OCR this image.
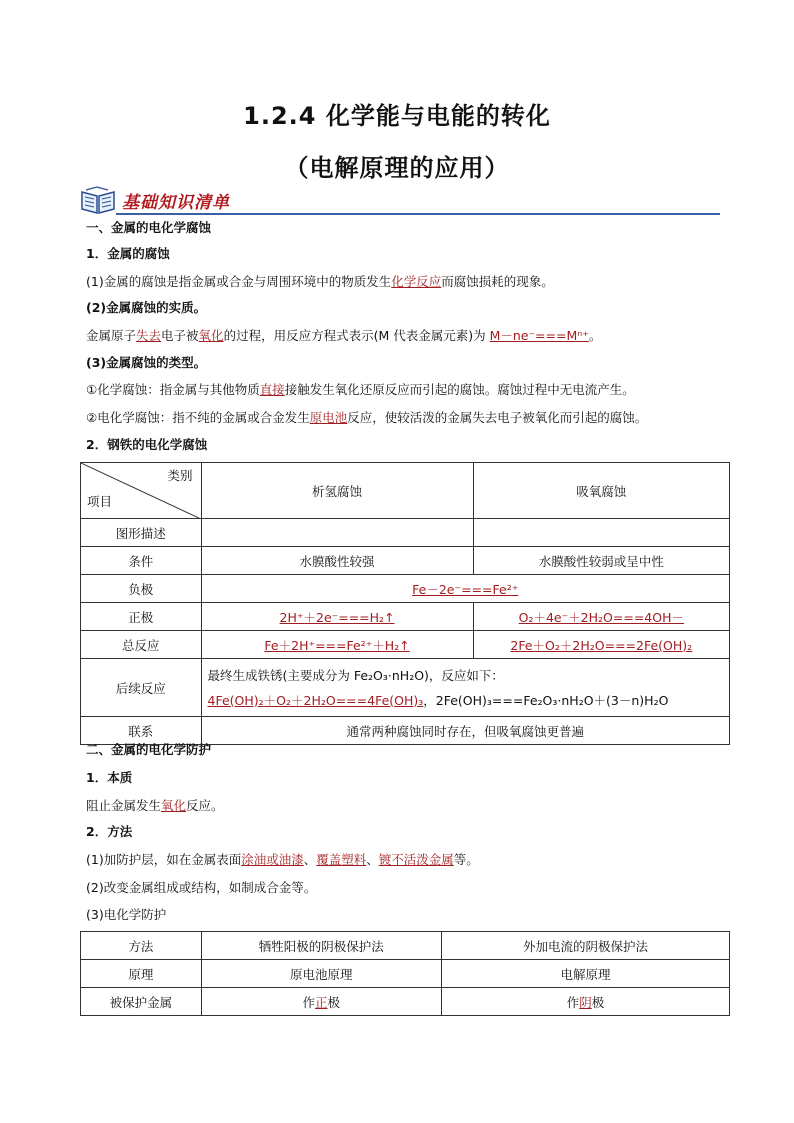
1.2.4 化学能与电能的转化
（电解原理的应用）
基础知识清单
一、金属的电化学腐蚀
1．金属的腐蚀
(1)金属的腐蚀是指金属或合金与周围环境中的物质发生化学反应而腐蚀损耗的现象。
(2)金属腐蚀的实质。
金属原子失去电子被氧化的过程，用反应方程式表示(M 代表金属元素)为 M－ne⁻===Mⁿ⁺。
(3)金属腐蚀的类型。
①化学腐蚀：指金属与其他物质直接接触发生氧化还原反应而引起的腐蚀。腐蚀过程中无电流产生。
②电化学腐蚀：指不纯的金属或合金发生原电池反应，使较活泼的金属失去电子被氧化而引起的腐蚀。
2．钢铁的电化学腐蚀
类别
项目	析氢腐蚀	吸氧腐蚀
图形描述		
条件	水膜酸性较强	水膜酸性较弱或呈中性
负极	Fe－2e⁻===Fe²⁺	
正极	2H⁺＋2e⁻===H₂↑	O₂＋4e⁻＋2H₂O===4OH－
总反应	Fe＋2H⁺===Fe²⁺＋H₂↑	2Fe＋O₂＋2H₂O===2Fe(OH)₂
后续反应	最终生成铁锈(主要成分为 Fe₂O₃·nH₂O)，反应如下：
4Fe(OH)₂＋O₂＋2H₂O===4Fe(OH)₃，2Fe(OH)₃===Fe₂O₃·nH₂O＋(3－n)H₂O	

联系	通常两种腐蚀同时存在，但吸氧腐蚀更普遍	
二、金属的电化学防护
1．本质
阻止金属发生氧化反应。
2．方法
(1)加防护层，如在金属表面涂油或油漆、覆盖塑料、镀不活泼金属等。
(2)改变金属组成或结构，如制成合金等。
(3)电化学防护
方法	牺牲阳极的阴极保护法	外加电流的阴极保护法
原理	原电池原理	电解原理
被保护金属	作正极	作阴极
